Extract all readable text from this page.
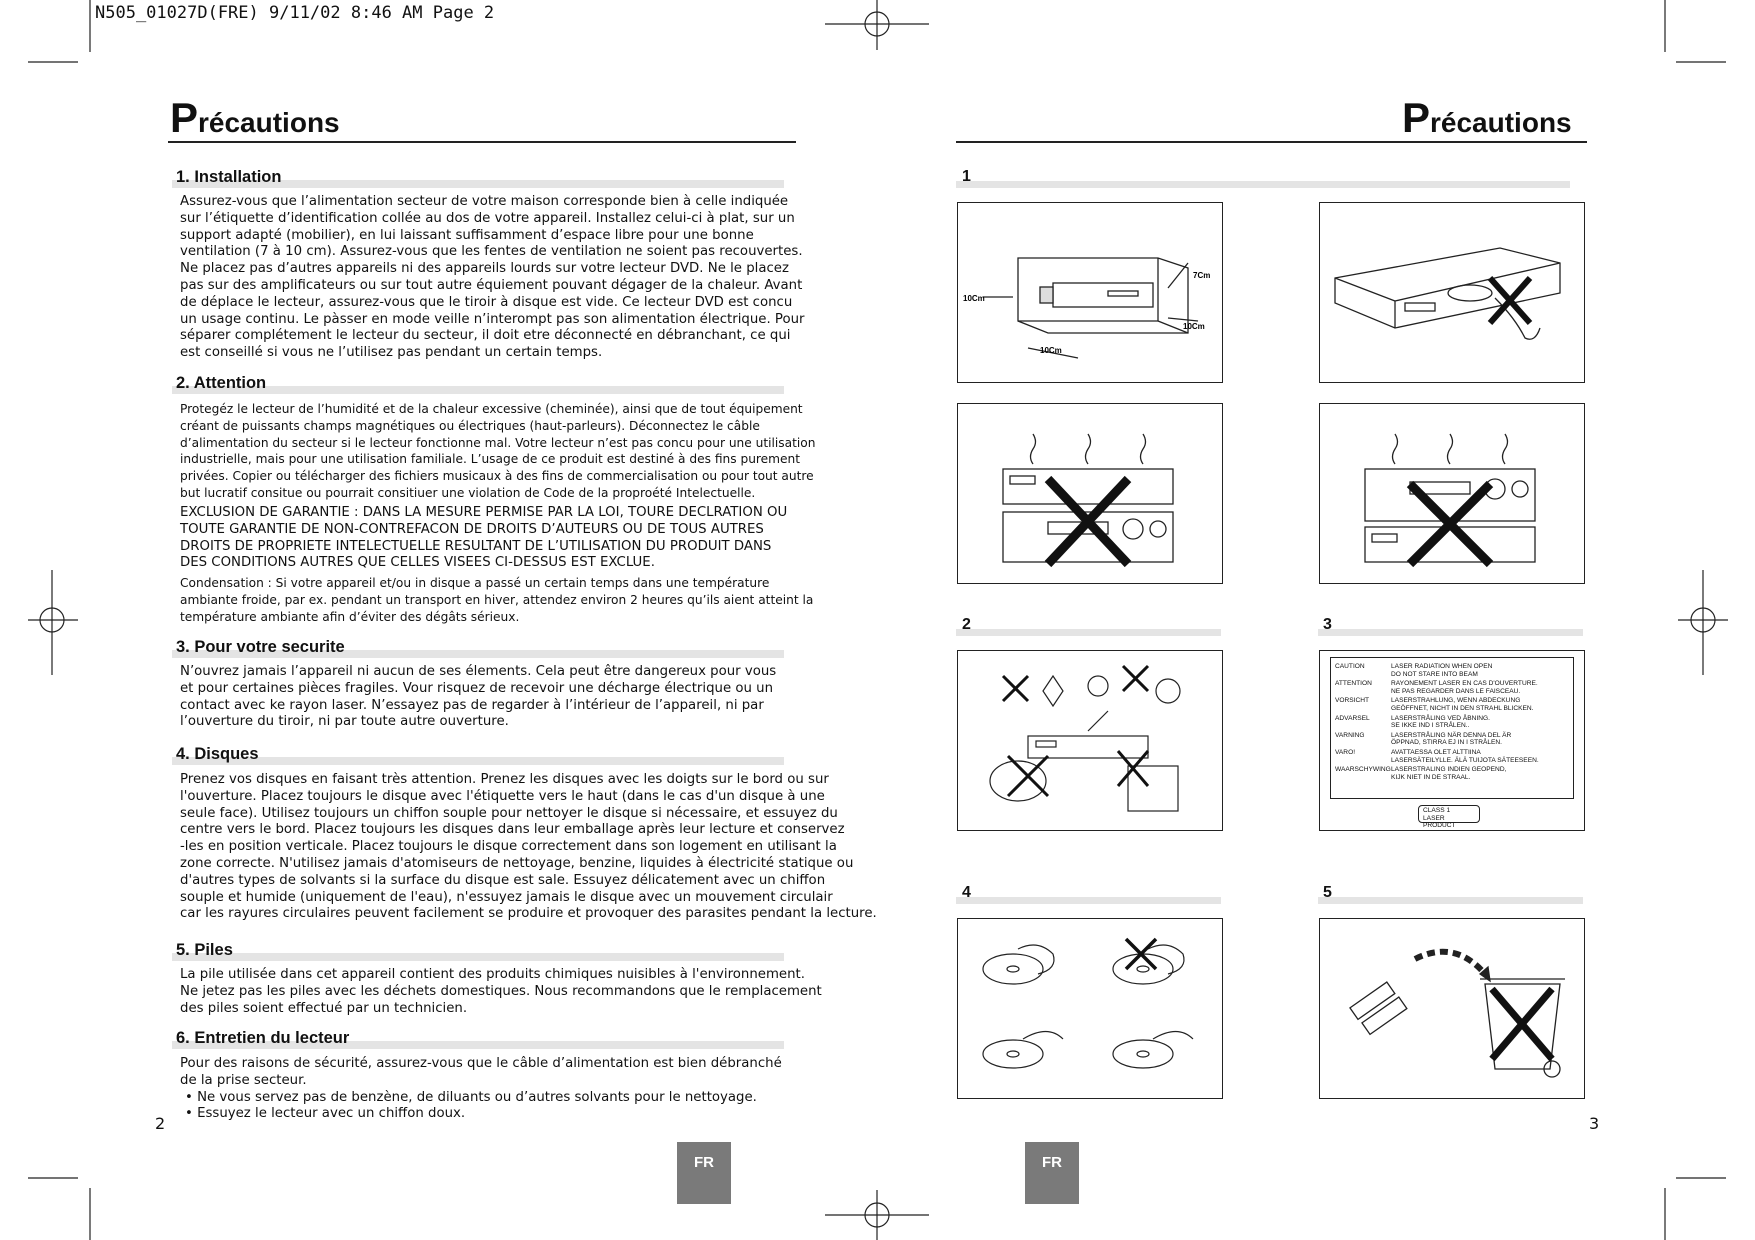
N505_01027D(FRE) 9/11/02 8:46 AM Page 2
Précautions
1. Installation
Assurez-vous que l’alimentation secteur de votre maison corresponde bien à celle indiquée
sur l’étiquette d’identification collée au dos de votre appareil. Installez celui-ci à plat, sur un
support adapté (mobilier), en lui laissant suffisamment d’espace libre pour une bonne
ventilation (7 à 10 cm). Assurez-vous que les fentes de ventilation ne soient pas recouvertes.
Ne placez pas d’autres appareils ni des appareils lourds sur votre lecteur DVD. Ne le placez
pas sur des amplificateurs ou sur tout autre équiement pouvant dégager de la chaleur. Avant
de déplace le lecteur, assurez-vous que le tiroir à disque est vide. Ce lecteur DVD est concu
un usage continu. Le pàsser en mode veille n’interompt pas son alimentation électrique. Pour
séparer complétement le lecteur du secteur, il doit etre déconnecté en débranchant, ce qui
est conseillé si vous ne l’utilisez pas pendant un certain temps.
2. Attention
Protegéz le lecteur de l’humidité et de la chaleur excessive (cheminée), ainsi que de tout équipement
créant de puissants champs magnétiques ou électriques (haut-parleurs). Déconnectez le câble
d’alimentation du secteur si le lecteur fonctionne mal. Votre lecteur n’est pas concu pour une utilisation
industrielle, mais pour une utilisation familiale. L’usage de ce produit est destiné à des fins purement
privées. Copier ou télécharger des fichiers musicaux à des fins de commercialisation ou pour tout autre
but lucratif consitue ou pourrait consitiuer une violation de Code de la proproété Intelectuelle.
EXCLUSION DE GARANTIE : DANS LA MESURE PERMISE PAR LA LOI, TOURE DECLRATION OU
TOUTE GARANTIE DE NON-CONTREFACON DE DROITS D’AUTEURS OU DE TOUS AUTRES
DROITS DE PROPRIETE INTELECTUELLE RESULTANT DE L’UTILISATION DU PRODUIT DANS
DES CONDITIONS AUTRES QUE CELLES VISEES CI-DESSUS EST EXCLUE.
Condensation : Si votre appareil et/ou in disque a passé un certain temps dans une température
ambiante froide, par ex. pendant un transport en hiver, attendez environ 2 heures qu’ils aient atteint la
température ambiante afin d’éviter des dégâts sérieux.
3. Pour votre securite
N’ouvrez jamais l’appareil ni aucun de ses élements. Cela peut être dangereux pour vous
et pour certaines pièces fragiles. Vour risquez de recevoir une décharge électrique ou un
contact avec ke rayon laser. N’essayez pas de regarder à l’intérieur de l’appareil, ni par
l’ouverture du tiroir, ni par toute autre ouverture.
4. Disques
Prenez vos disques en faisant très attention. Prenez les disques avec les doigts sur le bord ou sur
l'ouverture. Placez toujours le disque avec l'étiquette vers le haut (dans le cas d'un disque à une
seule face). Utilisez toujours un chiffon souple pour nettoyer le disque si nécessaire, et essuyez du
centre vers le bord. Placez toujours les disques dans leur emballage après leur lecture et conservez
-les en position verticale. Placez toujours le disque correctement dans son logement en utilisant la
zone correcte. N'utilisez jamais d'atomiseurs de nettoyage, benzine, liquides à électricité statique ou
d'autres types de solvants si la surface du disque est sale. Essuyez délicatement avec un chiffon
souple et humide (uniquement de l'eau), n'essuyez jamais le disque avec un mouvement circulair
car les rayures circulaires peuvent facilement se produire et provoquer des parasites pendant la lecture.
5. Piles
La pile utilisée dans cet appareil contient des produits chimiques nuisibles à l'environnement.
Ne jetez pas les piles avec les déchets domestiques. Nous recommandons que le remplacement
des piles soient effectué par un technicien.
6. Entretien du lecteur
Pour des raisons de sécurité, assurez-vous que le câble d’alimentation est bien débranché
de la prise secteur.
• Ne vous servez pas de benzène, de diluants ou d’autres solvants pour le nettoyage.
• Essuyez le lecteur avec un chiffon doux.
2
FR
Précautions
1
2	3
4	5
10Cm
7Cm
10Cm
10Cm
CAUTION	LASER RADIATION WHEN OPEN
DO NOT STARE INTO BEAM
ATTENTION	RAYONEMENT LASER EN CAS D'OUVERTURE.
NE PAS REGARDER DANS LE FAISCEAU.
VORSICHT	LASERSTRAHLUNG, WENN ABDECKUNG
GEÖFFNET, NICHT IN DEN STRAHL BLICKEN.
ADVARSEL	LASERSTRÅLING VED ÅBNING.
SE IKKE IND I STRÅLEN..
VARNING	LASERSTRÅLING NÄR DENNA DEL ÄR
ÖPPNAD, STIRRA EJ IN I STRÅLEN.
VARO!	AVATTAESSA OLET ALTTIINA
LASERSÄTEILYLLE. ÄLÄ TUIJOTA SÄTEESEEN.
WAARSCHYWING LASERSTRALING INDIEN GEOPEND,
KIJK NIET IN DE STRAAL.
CLASS 1
LASER PRODUCT
3
FR
